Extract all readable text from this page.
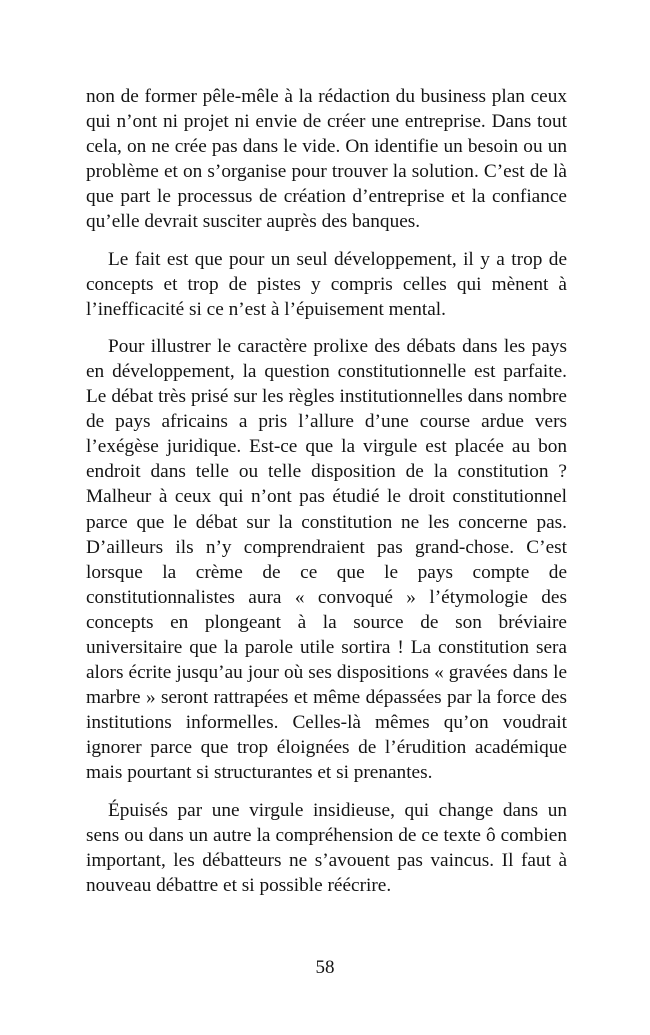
non de former pêle-mêle à la rédaction du business plan ceux qui n’ont ni projet ni envie de créer une entreprise. Dans tout cela, on ne crée pas dans le vide. On identifie un besoin ou un problème et on s’organise pour trouver la solution. C’est de là que part le processus de création d’entreprise et la confiance qu’elle devrait susciter auprès des banques.

Le fait est que pour un seul développement, il y a trop de concepts et trop de pistes y compris celles qui mènent à l’inefficacité si ce n’est à l’épuisement mental.

Pour illustrer le caractère prolixe des débats dans les pays en développement, la question constitutionnelle est parfaite. Le débat très prisé sur les règles institutionnelles dans nombre de pays africains a pris l’allure d’une course ardue vers l’exégèse juridique. Est-ce que la virgule est placée au bon endroit dans telle ou telle disposition de la constitution ? Malheur à ceux qui n’ont pas étudié le droit constitutionnel parce que le débat sur la constitution ne les concerne pas. D’ailleurs ils n’y comprendraient pas grand-chose. C’est lorsque la crème de ce que le pays compte de constitutionnalistes aura « convoqué » l’étymologie des concepts en plongeant à la source de son bréviaire universitaire que la parole utile sortira ! La constitution sera alors écrite jusqu’au jour où ses dispositions « gravées dans le marbre » seront rattrapées et même dépassées par la force des institutions informelles. Celles-là mêmes qu’on voudrait ignorer parce que trop éloignées de l’érudition académique mais pourtant si structurantes et si prenantes.

Épuisés par une virgule insidieuse, qui change dans un sens ou dans un autre la compréhension de ce texte ô combien important, les débatteurs ne s’avouent pas vaincus. Il faut à nouveau débattre et si possible réécrire.

58
